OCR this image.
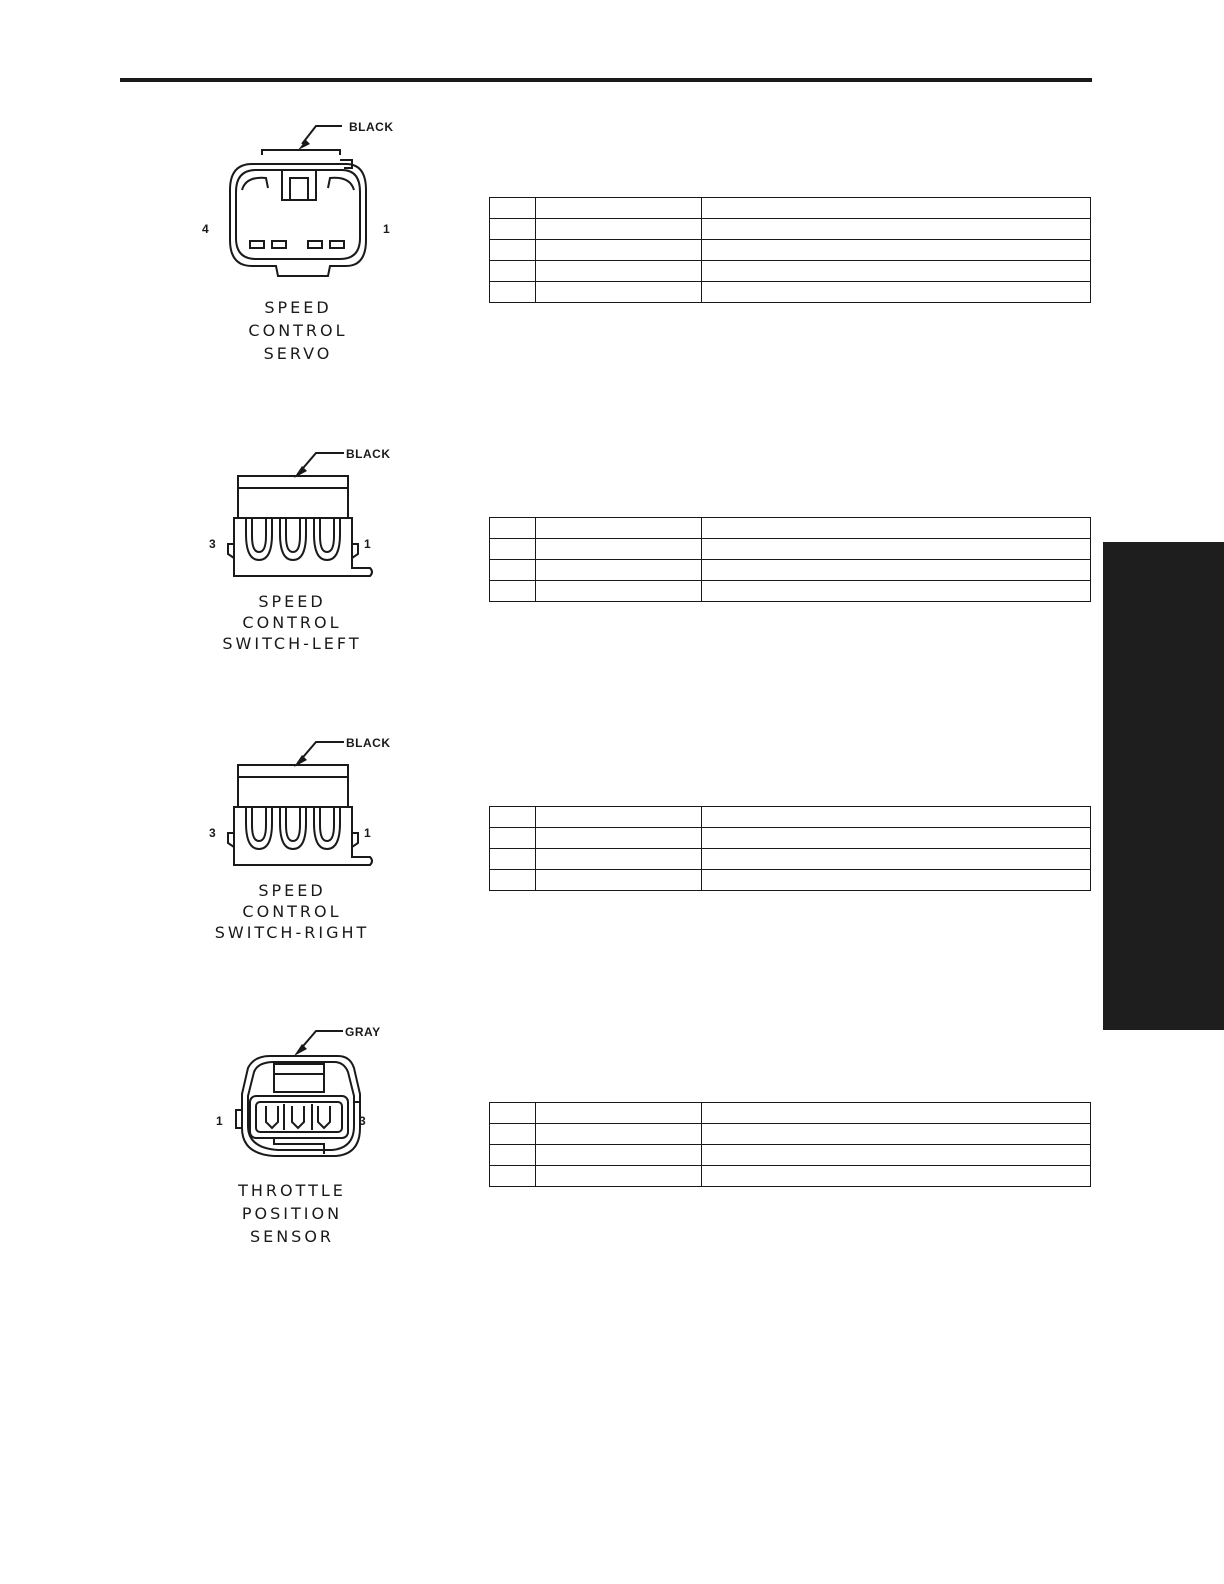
BLACK
4	1
SPEED
CONTROL
SERVO

BLACK
3	1
SPEED
CONTROL
SWITCH-LEFT

BLACK
3	1
SPEED
CONTROL
SWITCH-RIGHT

GRAY
1	3
THROTTLE
POSITION
SENSOR
